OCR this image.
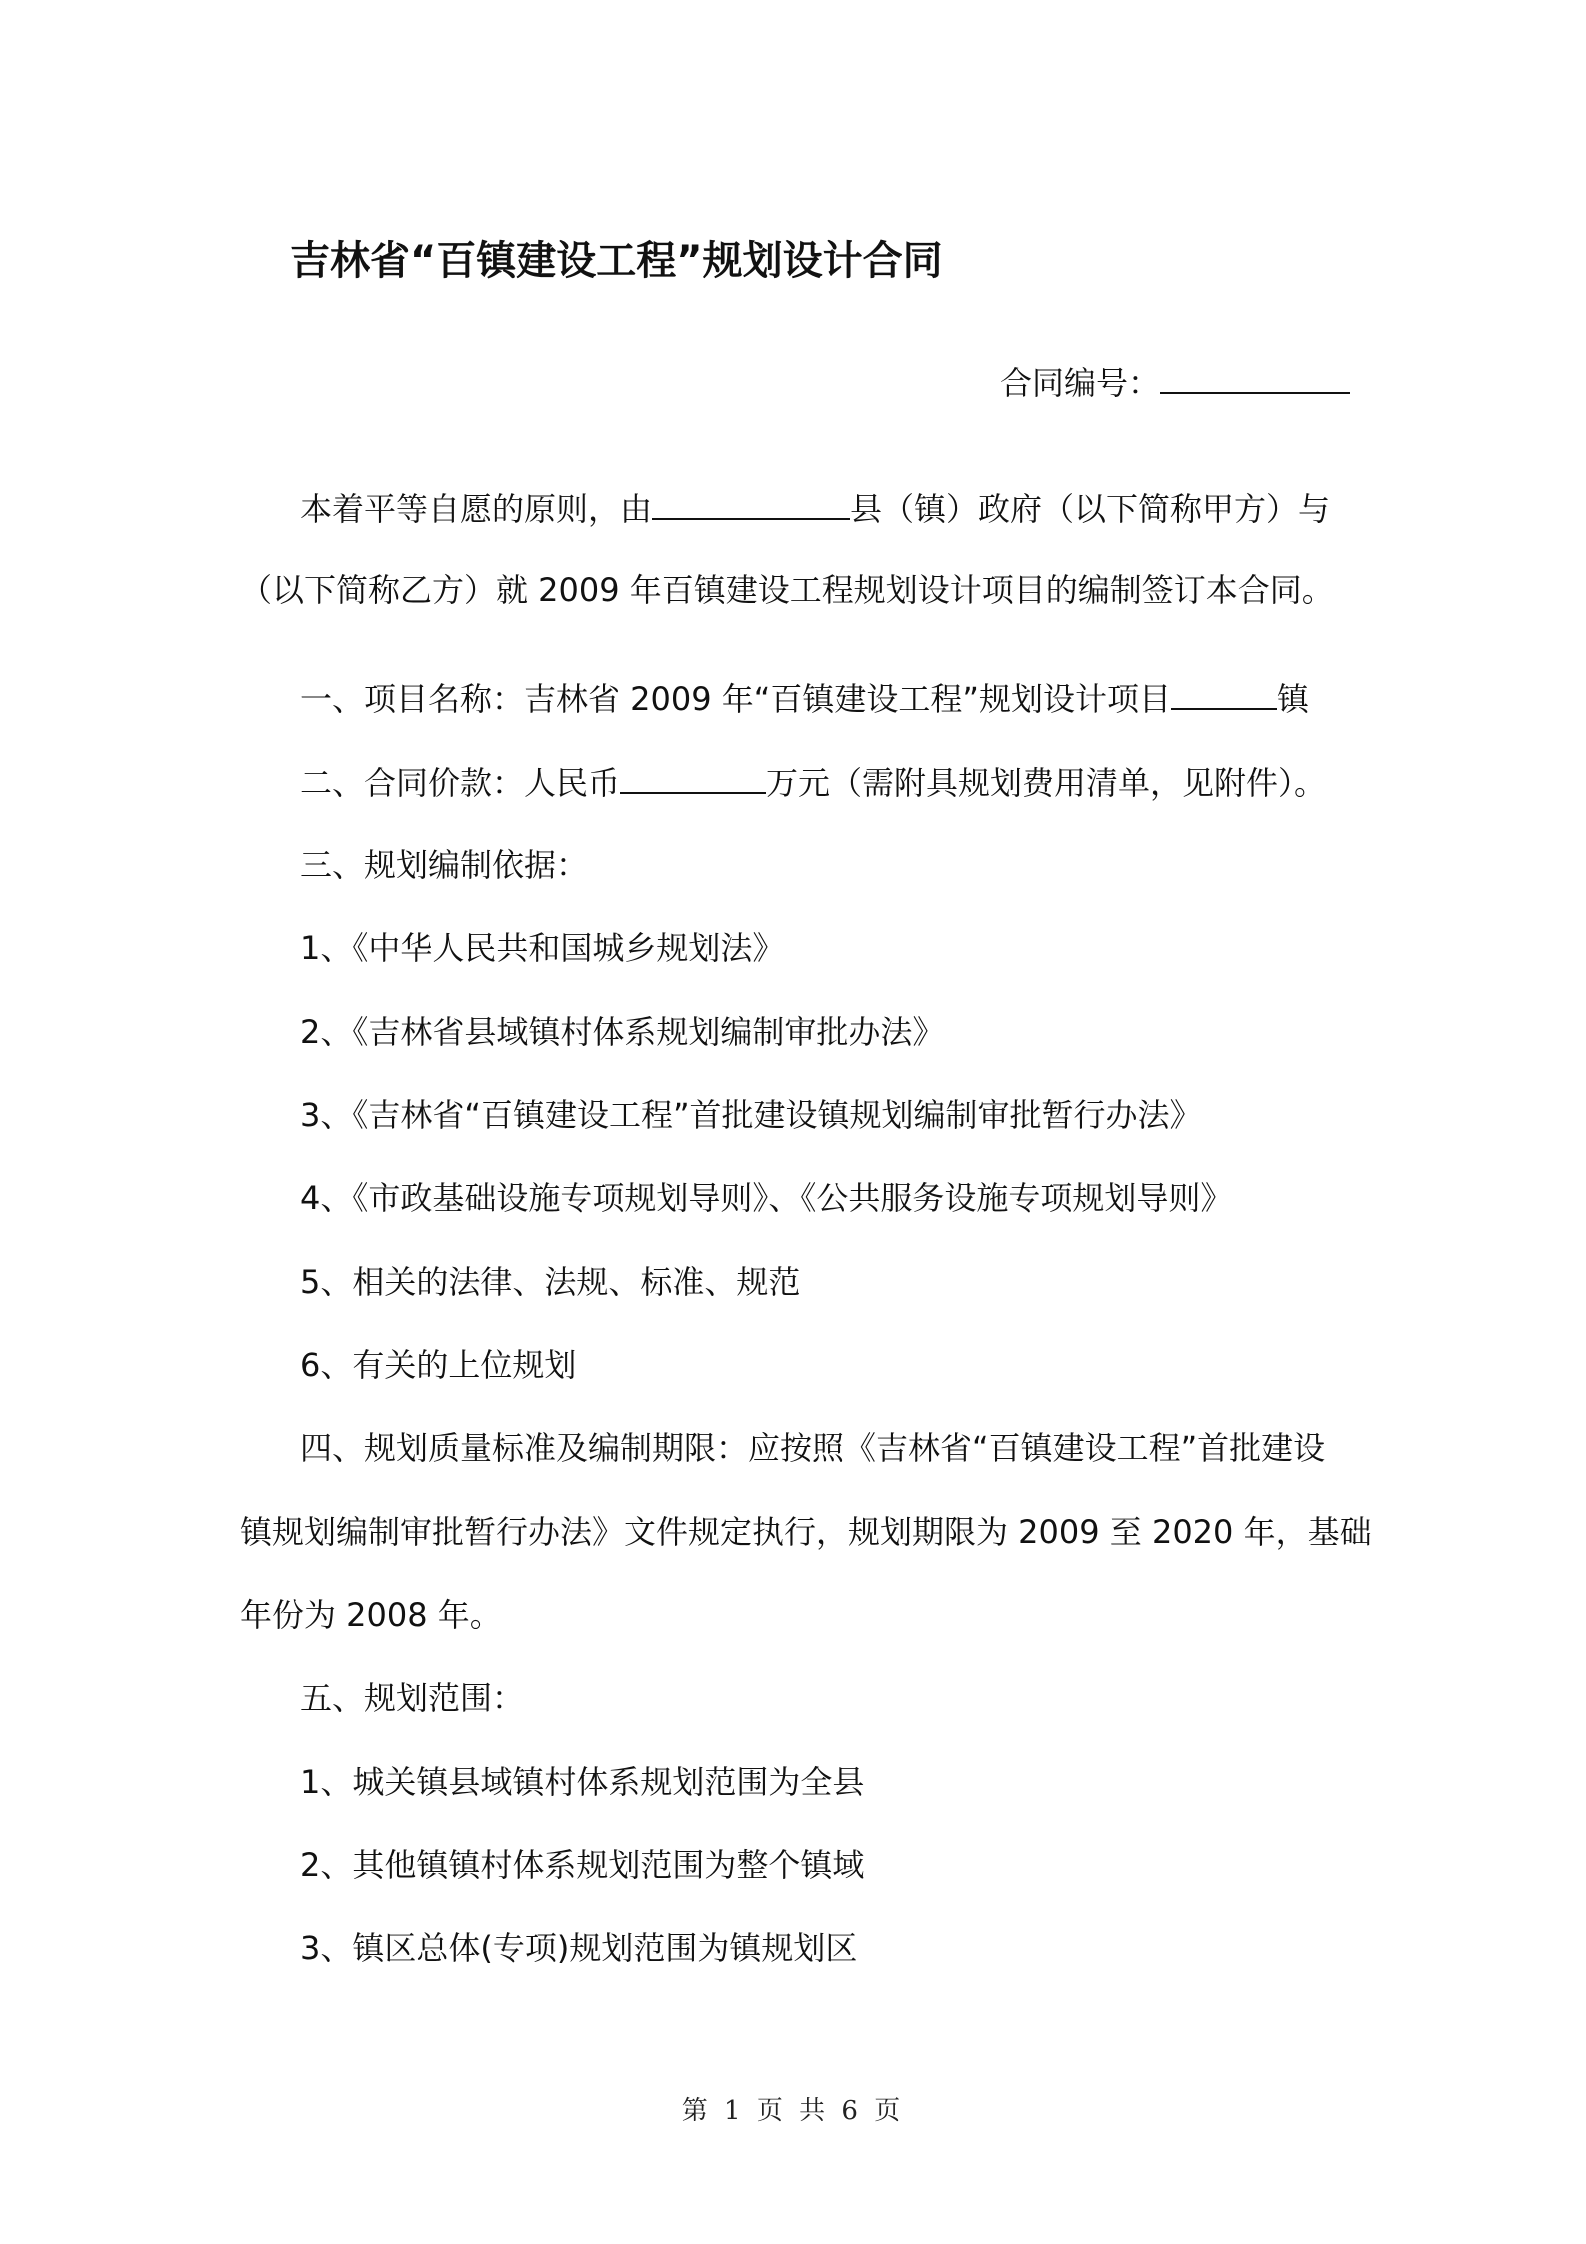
吉林省“百镇建设工程”规划设计合同
合同编号：
本着平等自愿的原则，由	县（镇）政府（以下简称甲方）与
（以下简称乙方）就 2009 年百镇建设工程规划设计项目的编制签订本合同。
一、项目名称：吉林省 2009 年“百镇建设工程”规划设计项目	镇
二、合同价款：人民币	万元（需附具规划费用清单，见附件）。
三、规划编制依据：
1、《中华人民共和国城乡规划法》
2、《吉林省县域镇村体系规划编制审批办法》
3、《吉林省“百镇建设工程”首批建设镇规划编制审批暂行办法》
4、《市政基础设施专项规划导则》、《公共服务设施专项规划导则》
5、相关的法律、法规、标准、规范
6、有关的上位规划
四、规划质量标准及编制期限：应按照《吉林省“百镇建设工程”首批建设
镇规划编制审批暂行办法》文件规定执行，规划期限为 2009 至 2020 年，基础
年份为 2008 年。
五、规划范围：
1、城关镇县域镇村体系规划范围为全县
2、其他镇镇村体系规划范围为整个镇域
3、镇区总体(专项)规划范围为镇规划区
第 1 页 共 6 页
